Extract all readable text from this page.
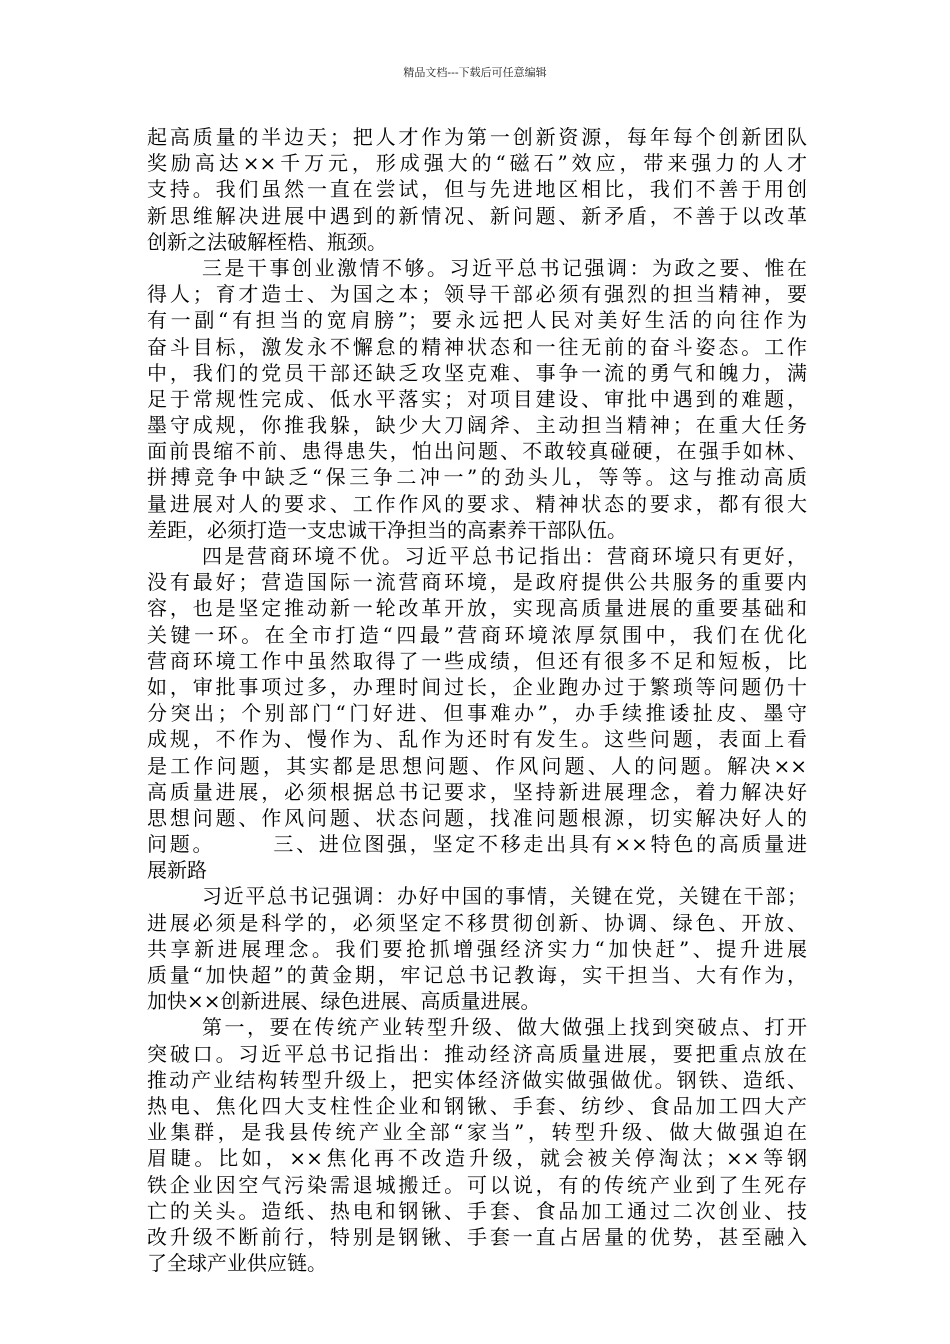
精品文档---下载后可任意编辑
起高质量的半边天；把人才作为第一创新资源，每年每个创新团队
奖励高达××千万元，形成强大的“磁石”效应，带来强力的人才
支持。我们虽然一直在尝试，但与先进地区相比，我们不善于用创
新思维解决进展中遇到的新情况、新问题、新矛盾，不善于以改革
创新之法破解桎梏、瓶颈。
三是干事创业激情不够。习近平总书记强调：为政之要、惟在
得人；育才造士、为国之本；领导干部必须有强烈的担当精神，要
有一副“有担当的宽肩膀”；要永远把人民对美好生活的向往作为
奋斗目标，激发永不懈怠的精神状态和一往无前的奋斗姿态。工作
中，我们的党员干部还缺乏攻坚克难、事争一流的勇气和魄力，满
足于常规性完成、低水平落实；对项目建设、审批中遇到的难题，
墨守成规，你推我躲，缺少大刀阔斧、主动担当精神；在重大任务
面前畏缩不前、患得患失，怕出问题、不敢较真碰硬，在强手如林、
拼搏竞争中缺乏“保三争二冲一”的劲头儿，等等。这与推动高质
量进展对人的要求、工作作风的要求、精神状态的要求，都有很大
差距，必须打造一支忠诚干净担当的高素养干部队伍。
四是营商环境不优。习近平总书记指出：营商环境只有更好，
没有最好；营造国际一流营商环境，是政府提供公共服务的重要内
容，也是坚定推动新一轮改革开放，实现高质量进展的重要基础和
关键一环。在全市打造“四最”营商环境浓厚氛围中，我们在优化
营商环境工作中虽然取得了一些成绩，但还有很多不足和短板，比
如，审批事项过多，办理时间过长，企业跑办过于繁琐等问题仍十
分突出；个别部门“门好进、但事难办”，办手续推诿扯皮、墨守
成规，不作为、慢作为、乱作为还时有发生。这些问题，表面上看
是工作问题，其实都是思想问题、作风问题、人的问题。解决××
高质量进展，必须根据总书记要求，坚持新进展理念，着力解决好
思想问题、作风问题、状态问题，找准问题根源，切实解决好人的
问题。　　　三、进位图强，坚定不移走出具有××特色的高质量进
展新路
习近平总书记强调：办好中国的事情，关键在党，关键在干部；
进展必须是科学的，必须坚定不移贯彻创新、协调、绿色、开放、
共享新进展理念。我们要抢抓增强经济实力“加快赶”、提升进展
质量“加快超”的黄金期，牢记总书记教诲，实干担当、大有作为，
加快××创新进展、绿色进展、高质量进展。
第一，要在传统产业转型升级、做大做强上找到突破点、打开
突破口。习近平总书记指出：推动经济高质量进展，要把重点放在
推动产业结构转型升级上，把实体经济做实做强做优。钢铁、造纸、
热电、焦化四大支柱性企业和钢锹、手套、纺纱、食品加工四大产
业集群，是我县传统产业全部“家当”，转型升级、做大做强迫在
眉睫。比如，××焦化再不改造升级，就会被关停淘汰；××等钢
铁企业因空气污染需退城搬迁。可以说，有的传统产业到了生死存
亡的关头。造纸、热电和钢锹、手套、食品加工通过二次创业、技
改升级不断前行，特别是钢锹、手套一直占居量的优势，甚至融入
了全球产业供应链。
